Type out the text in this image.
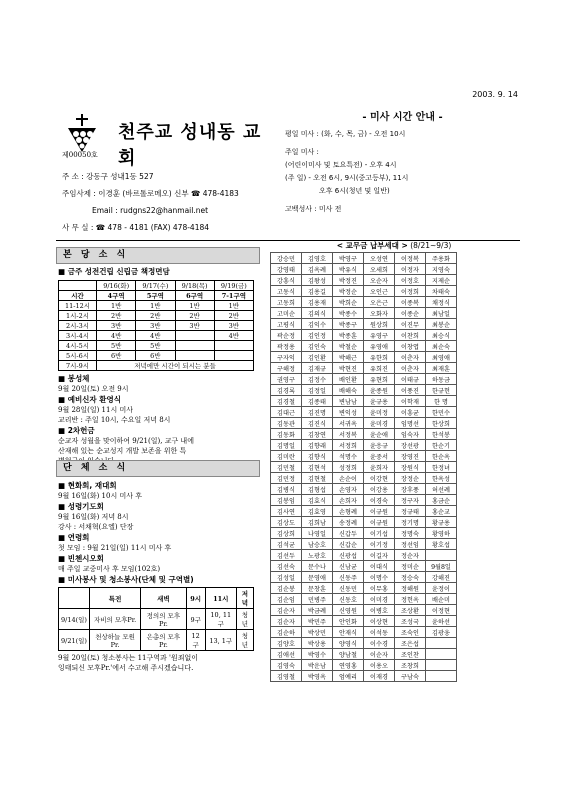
2003. 9. 14
천주교 성내동 교회
제00050호
주 소 : 강동구 성내1동 527
주임사제 : 이경훈 (바르톨로메오) 신부 ☎ 478-4183
Email : rudgns22@hanmail.net
사 무 실 : ☎ 478 - 4181 (FAX) 478-4184
- 미사 시간 안내 -
평일 미사 : (화, 수, 목, 금) - 오전 10시
주일 미사 :
(어린이미사 및 토요특전) - 오후 4시
(주 일) - 오전 6시, 9시(중고등부), 11시
오후 6시(청년 및 일반)
고백성사 : 미사 전
본 당 소 식
■ 금주 성전건립 신립금 책정면담
	9/16(화)	9/17(수)	9/18(목)	9/19(금)
시간	4구역	5구역	6구역	7-1구역
11-12시	1반	1반	1반	1반
1시-2시	2반	2반	2반	2반
2시-3시	3반	3반	3반	3반
3시-4시	4반	4반		4반
4시-5시	5반	5반		
5시-6시	6반	6반		
7시-9시	저녁에만 시간이 되시는 분들			
■ 봉성체
9월 20일(토) 오전 9시
■ 예비신자 환영식
9월 28일(일) 11시 미사
교리반 : 주일 10시, 수요일 저녁 8시
■ 2차헌금
순교자 성월을 맞이하여 9/21(일), 교구 내에
산재해 있는 순교성지 개발 보존을 위한 특
단 체 소 식
■ 현화회, 재대회
9월 16일(화) 10시 미사 후
■ 성령기도회
9월 16일(화) 저녁 8시
강사 : 서채혁(요엘) 단장
■ 연령회
첫 모임 : 9월 21일(일) 11시 미사 후
■ 빈첸시오회
매 주일 교중미사 후 모임(102호)
■ 미사봉사 및 청소봉사(단체 및 구역별)
	특전	새벽	9시	11시	저녁
9/14(일)	자비의 모후Pr.	정의의 모후Pr.	9구	10, 11구	청년
9/21(일)	천상하늘 모원Pr.	은총의 모후Pr.	12구	13, 1구	청년
9월 20일(토) 청소봉사는 11구역과 '원죄없이
잉태되신 모후Pr.'에서 수고해 주시겠습니다.
< 교무금 납부세대 > (8/21~9/3)
강승민	김영호	박영구	오성연	이정복	주용화
강영태	김옥례	박유식	오세희	이정자	지영숙
강흥식	김왕성	박정진	오순자	이정호	지제순
고동식	김용길	박정순	오인근	이정희	차태숙
고동희	김용재	박희순	오은근	이종복	채정식
고미순	김의식	박종수	오화자	이종순	최남일
고평식	김익수	박종구	원상희	이진무	최봉순
곽순정	김인정	박종훈	유영구	이찬희	최승식
곽정용	김인숙	박철순	유영애	이창엽	최순숙
구자익	김인환	박해근	유한희	이춘자	최영애
구해정	김재규	박현진	유희진	이춘자	최재훈
권영구	김정수	배인환	유현희	이태규	하동금
김경록	김정일	배해숙	윤종원	이풍진	한규헌
김경철	김종태	변남남	윤규용	이학재	한 명
김대근	김진명	변익성	윤미정	이흥균	한민수
김동관	김진식	서귀옥	윤미경	임명선	한상희
김동화	김창연	서정복	윤순애	임숙자	한석봉
김명일	김향래	서정희	윤응규	장선광	한순기
김미란	김향식	석명수	윤중서	장영진	한순옥
김민철	김현석	성정희	윤희자	장원식	한정녀
김민정	김현철	손순이	이강현	장정순	한옥성
김병식	김형섭	손영자	이강용	장후풍	허선례
김봉임	김효식	손희자	이경숙	정구자	홍금순
김사연	김효영	손형례	이규원	정규태	홍순교
김상도	김희남	송정례	이규원	정기명	황규용
김상희	나영일	신갑두	이기섭	정명숙	황영하
김석균	남승호	신갑순	이기정	정선임	황호섭
김선두	노광호	신광섭	이길자	정순자	
김선숙	문수나	신남균	이대식	정미순	9월8일
김성일	문영애	신동주	이명수	정승숙	강해진
김순봉	문창훈	신동민	이무홍	정해원	윤정이
김순임	민병주	신동호	이미경	정헌옥	배순미
김순자	박금례	신영원	이병호	조상환	이정현
김순자	박민주	안인화	이상현	조성국	윤하선
김순하	박상민	안재식	이석동	조숙인	김광웅
김양호	박상용	양영식	이수경	조은섭	
김애선	박영수	양남철	이순자	조인찬	
김영숙	박운남	연영홍	이용오	조창희	
김영철	박영옥	엄예리	이재경	구남숙	
